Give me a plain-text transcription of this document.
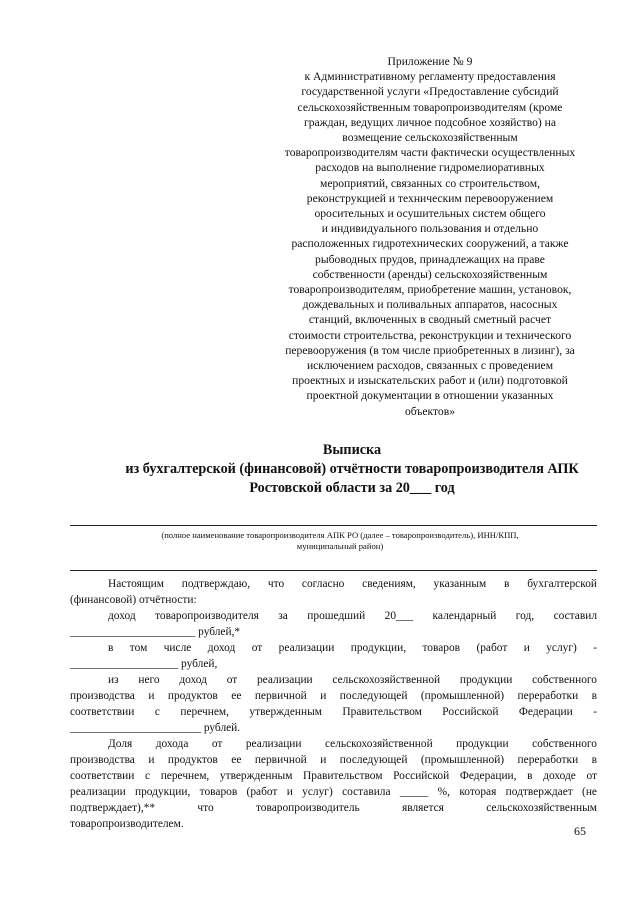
Приложение № 9
к Административному регламенту предоставления
государственной услуги «Предоставление субсидий
сельскохозяйственным товаропроизводителям (кроме
граждан, ведущих личное подсобное хозяйство) на
возмещение сельскохозяйственным
товаропроизводителям части фактически осуществленных
расходов на выполнение гидромелиоративных
мероприятий, связанных со строительством,
реконструкцией и техническим перевооружением
оросительных и осушительных систем общего
и индивидуального пользования и отдельно
расположенных гидротехнических сооружений, а также
рыбоводных прудов, принадлежащих на праве
собственности (аренды) сельскохозяйственным
товаропроизводителям, приобретение машин, установок,
дождевальных и поливальных аппаратов, насосных
станций, включенных в сводный сметный расчет
стоимости строительства, реконструкции и технического
перевооружения (в том числе приобретенных в лизинг), за
исключением расходов, связанных с проведением
проектных и изыскательских работ и (или) подготовкой
проектной документации в отношении указанных
объектов»
Выписка
из бухгалтерской (финансовой) отчётности товаропроизводителя АПК
Ростовской области за 20___ год
(полное наименование товаропроизводителя АПК РО (далее – товаропроизводитель), ИНН/КПП,
муниципальный район)
Настоящим подтверждаю, что согласно сведениям, указанным в бухгалтерской
(финансовой) отчётности:
доход товаропроизводителя за прошедший 20___ календарный год, составил
______________________ рублей,*
в том числе доход от реализации продукции, товаров (работ и услуг) -
___________________ рублей,
из него доход от реализации сельскохозяйственной продукции собственного
производства и продуктов ее первичной и последующей (промышленной) переработки в
соответствии с перечнем, утвержденным Правительством Российской Федерации -
_______________________ рублей.
Доля дохода от реализации сельскохозяйственной продукции собственного
производства и продуктов ее первичной и последующей (промышленной) переработки в
соответствии с перечнем, утвержденным Правительством Российской Федерации, в доходе от
реализации продукции, товаров (работ и услуг) составила _____ %, которая подтверждает (не
подтверждает),** что товаропроизводитель является сельскохозяйственным
товаропроизводителем.	65
